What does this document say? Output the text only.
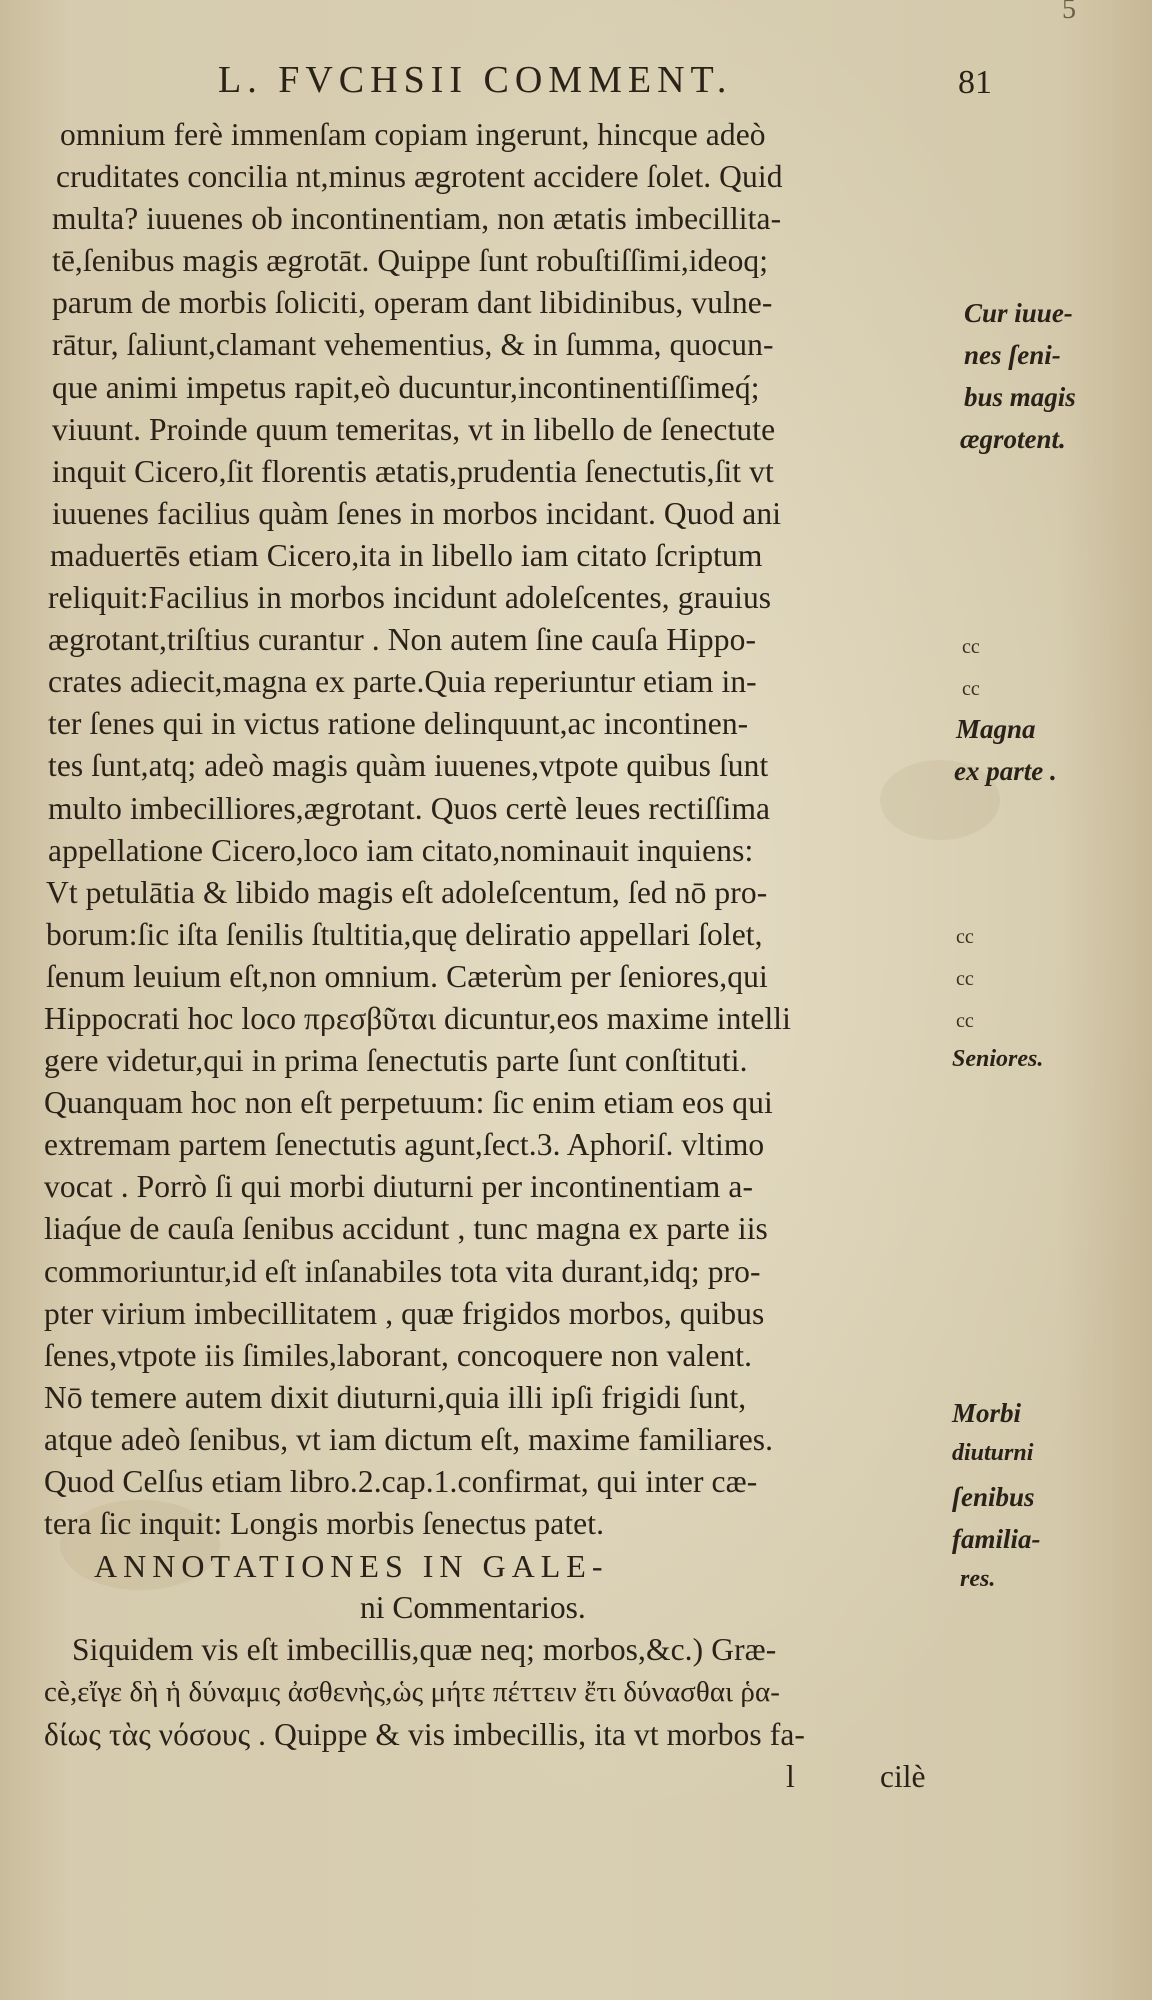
5
L. FVCHSII COMMENT.	81
omnium ferè immenſam copiam ingerunt, hincque adeò
cruditates concilia nt,minus ægrotent accidere ſolet. Quid
multa? iuuenes ob incontinentiam, non ætatis imbecillita-
tē,ſenibus magis ægrotāt. Quippe ſunt robuſtiſſimi,ideoq;
parum de morbis ſoliciti, operam dant libidinibus, vulne-
rātur, ſaliunt,clamant vehementius, & in ſumma, quocun-
que animi impetus rapit,eò ducuntur,incontinentiſſimeq́;
viuunt. Proinde quum temeritas, vt in libello de ſenectute
inquit Cicero,ſit florentis ætatis,prudentia ſenectutis,ſit vt
iuuenes facilius quàm ſenes in morbos incidant. Quod ani
maduertēs etiam Cicero,ita in libello iam citato ſcriptum
reliquit:Facilius in morbos incidunt adoleſcentes, grauius
ægrotant,triſtius curantur . Non autem ſine cauſa Hippo-
crates adiecit,magna ex parte.Quia reperiuntur etiam in-
ter ſenes qui in victus ratione delinquunt,ac incontinen-
tes ſunt,atq; adeò magis quàm iuuenes,vtpote quibus ſunt
multo imbecilliores,ægrotant. Quos certè leues rectiſſima
appellatione Cicero,loco iam citato,nominauit inquiens:
Vt petulātia & libido magis eſt adoleſcentum, ſed nō pro-
borum:ſic iſta ſenilis ſtultitia,quę deliratio appellari ſolet,
ſenum leuium eſt,non omnium. Cæterùm per ſeniores,qui
Hippocrati hoc loco πρεσβῦται dicuntur,eos maxime intelli
gere videtur,qui in prima ſenectutis parte ſunt conſtituti.
Quanquam hoc non eſt perpetuum: ſic enim etiam eos qui
extremam partem ſenectutis agunt,ſect.3. Aphoriſ. vltimo
vocat . Porrò ſi qui morbi diuturni per incontinentiam a-
liaq́ue de cauſa ſenibus accidunt , tunc magna ex parte iis
commoriuntur,id eſt inſanabiles tota vita durant,idq; pro-
pter virium imbecillitatem , quæ frigidos morbos, quibus
ſenes,vtpote iis ſimiles,laborant, concoquere non valent.
Nō temere autem dixit diuturni,quia illi ipſi frigidi ſunt,
atque adeò ſenibus, vt iam dictum eſt, maxime familiares.
Quod Celſus etiam libro.2.cap.1.confirmat, qui inter cæ-
tera ſic inquit: Longis morbis ſenectus patet.
ANNOTATIONES IN GALE-
ni Commentarios.
Siquidem vis eſt imbecillis,quæ neq; morbos,&c.) Græ-
cè,εἴγε δὴ ἡ δύναμις ἀσθενὴς,ὡς μήτε πέττειν ἔτι δύνασθαι ῥα-
δίως τὰς νόσους . Quippe & vis imbecillis, ita vt morbos fa-
l	cilè
Cur iuue-
nes ſeni-
bus magis
ægrotent.
cc
cc
Magna
ex parte .
cc
cc
cc
Seniores.
Morbi
diuturni
ſenibus
familia-
res.
